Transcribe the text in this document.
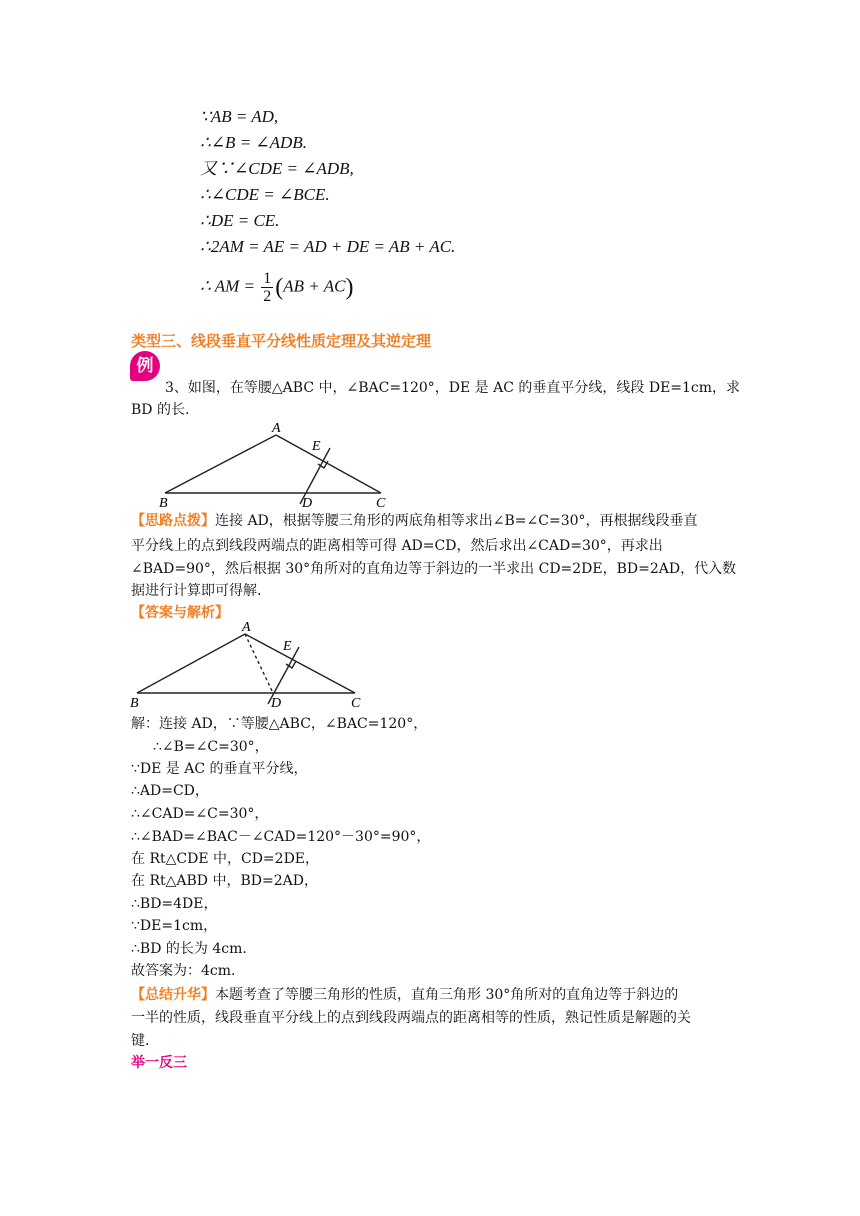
∵AB = AD,
∴∠B = ∠ADB.
又∵∠CDE = ∠ADB,
∴∠CDE = ∠BCE.
∴DE = CE.
∴2AM = AE = AD + DE = AB + AC.
∴ AM = $\frac{1}{2} (AB + AC)$
类型三、线段垂直平分线性质定理及其逆定理
例
3、如图，在等腰△ABC 中，∠BAC=120°，DE 是 AC 的垂直平分线，线段 DE=1cm，求
BD 的长.
A
B	C
D
E
【思路点拨】连接 AD，根据等腰三角形的两底角相等求出∠B=∠C=30°，再根据线段垂直
平分线上的点到线段两端点的距离相等可得 AD=CD，然后求出∠CAD=30°，再求出
∠BAD=90°，然后根据 30°角所对的直角边等于斜边的一半求出 CD=2DE，BD=2AD，代入数
据进行计算即可得解.
【答案与解析】
A
B	C
D
E
解：连接 AD，∵等腰△ABC，∠BAC=120°，
∴∠B=∠C=30°，
∵DE 是 AC 的垂直平分线，
∴AD=CD，
∴∠CAD=∠C=30°，
∴∠BAD=∠BAC－∠CAD=120°－30°=90°，
在 Rt△CDE 中，CD=2DE，
在 Rt△ABD 中，BD=2AD，
∴BD=4DE，
∵DE=1cm，
∴BD 的长为 4cm.
故答案为：4cm.
【总结升华】本题考查了等腰三角形的性质，直角三角形 30°角所对的直角边等于斜边的
一半的性质，线段垂直平分线上的点到线段两端点的距离相等的性质，熟记性质是解题的关
键.
举一反三
